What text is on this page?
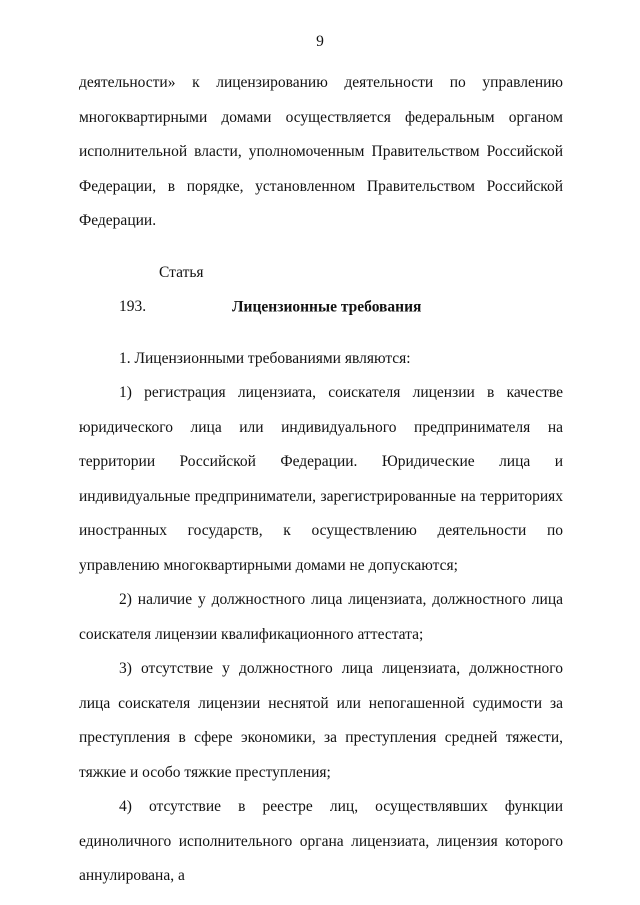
9

деятельности» к лицензированию деятельности по управлению многоквартирными домами осуществляется федеральным органом исполнительной власти, уполномоченным Правительством Российской Федерации, в порядке, установленном Правительством Российской Федерации.

Статья 193.	Лицензионные требования

1. Лицензионными требованиями являются:

1) регистрация лицензиата, соискателя лицензии в качестве юридического лица или индивидуального предпринимателя на территории Российской Федерации. Юридические лица и индивидуальные предприниматели, зарегистрированные на территориях иностранных государств, к осуществлению деятельности по управлению многоквартирными домами не допускаются;

2) наличие у должностного лица лицензиата, должностного лица соискателя лицензии квалификационного аттестата;

3) отсутствие у должностного лица лицензиата, должностного лица соискателя лицензии неснятой или непогашенной судимости за преступления в сфере экономики, за преступления средней тяжести, тяжкие и особо тяжкие преступления;

4) отсутствие в реестре лиц, осуществлявших функции единоличного исполнительного органа лицензиата, лицензия которого аннулирована, а
